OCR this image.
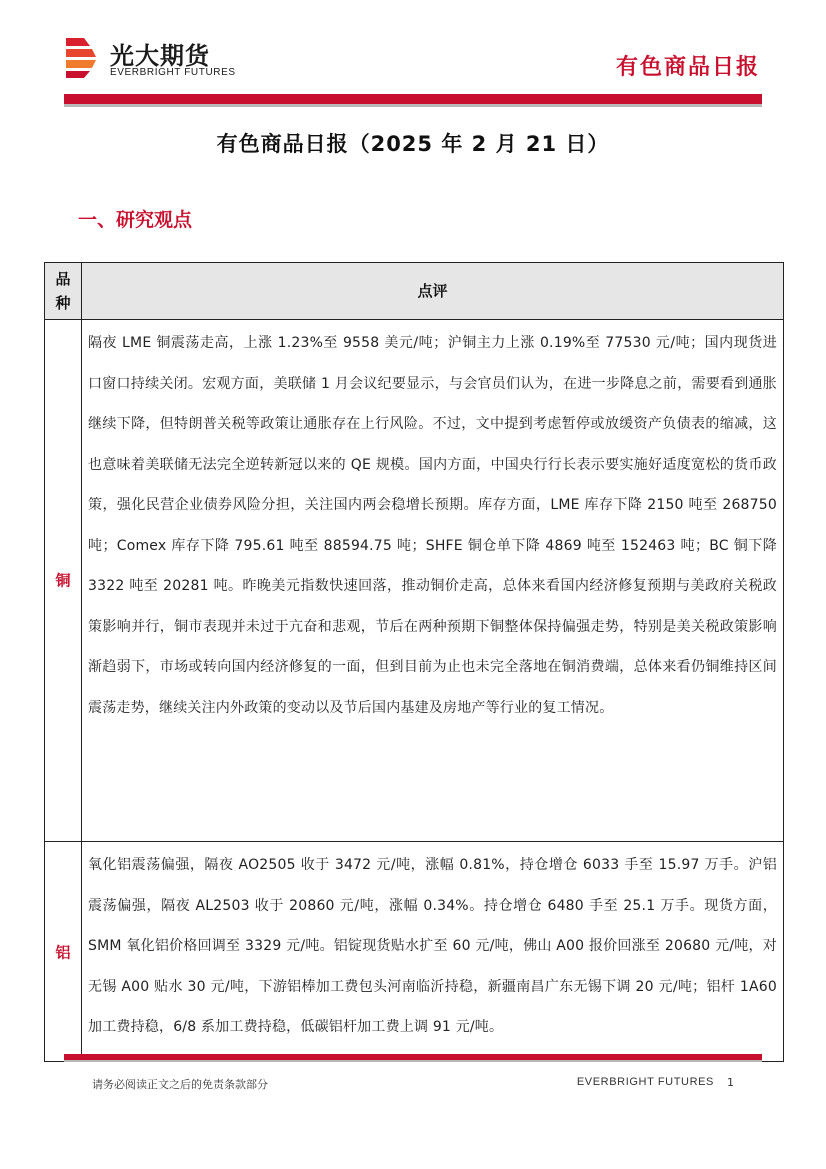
光大期货
EVERBRIGHT FUTURES	有色商品日报
有色商品日报（2025 年 2 月 21 日）
一、研究观点
品种
点评
铜

隔夜 LME 铜震荡走高，上涨 1.23%至 9558 美元/吨；沪铜主力上涨 0.19%至 77530 元/吨；国内现货进口窗口持续关闭。宏观方面，美联储 1 月会议纪要显示，与会官员们认为，在进一步降息之前，需要看到通胀继续下降，但特朗普关税等政策让通胀存在上行风险。不过，文中提到考虑暂停或放缓资产负债表的缩减，这也意味着美联储无法完全逆转新冠以来的 QE 规模。国内方面，中国央行行长表示要实施好适度宽松的货币政策，强化民营企业债券风险分担，关注国内两会稳增长预期。库存方面，LME 库存下降 2150 吨至 268750 吨；Comex 库存下降 795.61 吨至 88594.75 吨；SHFE 铜仓单下降 4869 吨至 152463 吨；BC 铜下降 3322 吨至 20281 吨。昨晚美元指数快速回落，推动铜价走高，总体来看国内经济修复预期与美政府关税政策影响并行，铜市表现并未过于亢奋和悲观，节后在两种预期下铜整体保持偏强走势，特别是美关税政策影响渐趋弱下，市场或转向国内经济修复的一面，但到目前为止也未完全落地在铜消费端，总体来看仍铜维持区间震荡走势，继续关注内外政策的变动以及节后国内基建及房地产等行业的复工情况。

铝

氧化铝震荡偏强，隔夜 AO2505 收于 3472 元/吨，涨幅 0.81%，持仓增仓 6033 手至 15.97 万手。沪铝震荡偏强，隔夜 AL2503 收于 20860 元/吨，涨幅 0.34%。持仓增仓 6480 手至 25.1 万手。现货方面，SMM 氧化铝价格回调至 3329 元/吨。铝锭现货贴水扩至 60 元/吨，佛山 A00 报价回涨至 20680 元/吨，对无锡 A00 贴水 30 元/吨，下游铝棒加工费包头河南临沂持稳，新疆南昌广东无锡下调 20 元/吨；铝杆 1A60 加工费持稳，6/8 系加工费持稳，低碳铝杆加工费上调 91 元/吨。

请务必阅读正文之后的免责条款部分	EVERBRIGHT FUTURES 1
